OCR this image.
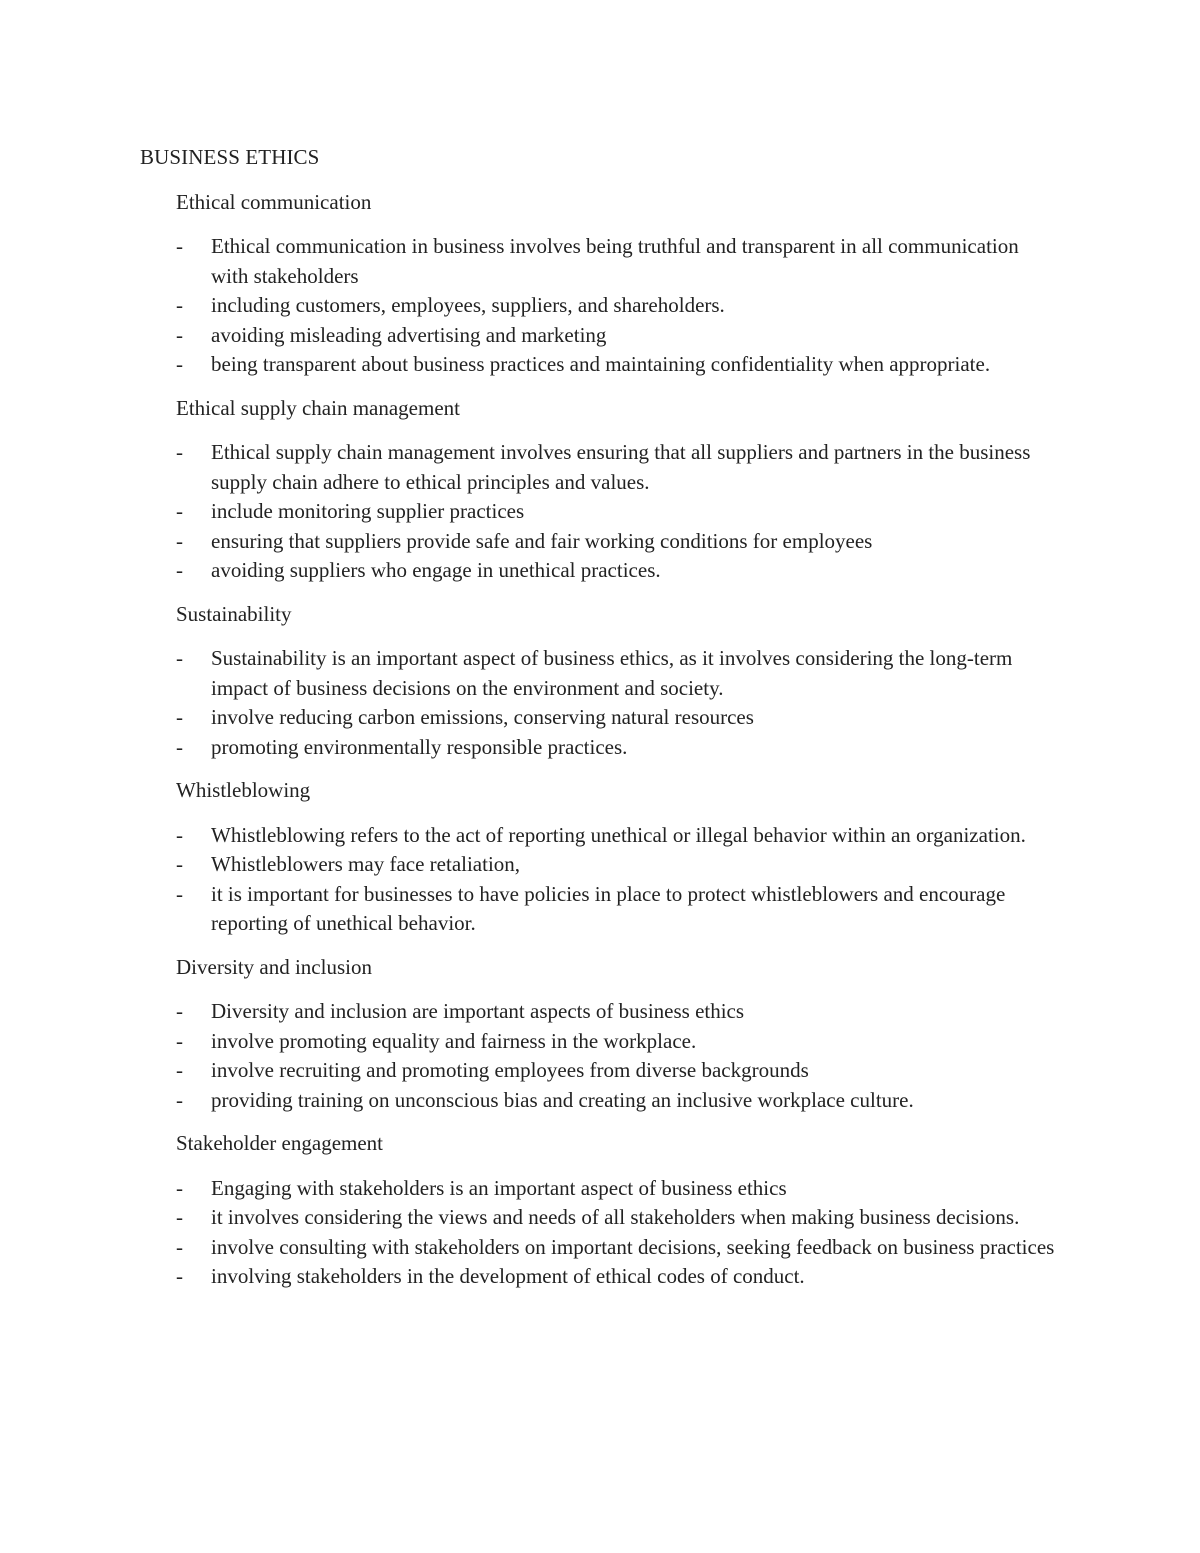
BUSINESS ETHICS
Ethical communication
- Ethical communication in business involves being truthful and transparent in all communication with stakeholders
- including customers, employees, suppliers, and shareholders.
- avoiding misleading advertising and marketing
- being transparent about business practices and maintaining confidentiality when appropriate.
Ethical supply chain management
- Ethical supply chain management involves ensuring that all suppliers and partners in the business supply chain adhere to ethical principles and values.
- include monitoring supplier practices
- ensuring that suppliers provide safe and fair working conditions for employees
- avoiding suppliers who engage in unethical practices.
Sustainability
- Sustainability is an important aspect of business ethics, as it involves considering the long-term impact of business decisions on the environment and society.
- involve reducing carbon emissions, conserving natural resources
- promoting environmentally responsible practices.
Whistleblowing
- Whistleblowing refers to the act of reporting unethical or illegal behavior within an organization.
- Whistleblowers may face retaliation,
- it is important for businesses to have policies in place to protect whistleblowers and encourage reporting of unethical behavior.
Diversity and inclusion
- Diversity and inclusion are important aspects of business ethics
- involve promoting equality and fairness in the workplace.
- involve recruiting and promoting employees from diverse backgrounds
- providing training on unconscious bias and creating an inclusive workplace culture.
Stakeholder engagement
- Engaging with stakeholders is an important aspect of business ethics
- it involves considering the views and needs of all stakeholders when making business decisions.
- involve consulting with stakeholders on important decisions, seeking feedback on business practices
- involving stakeholders in the development of ethical codes of conduct.
